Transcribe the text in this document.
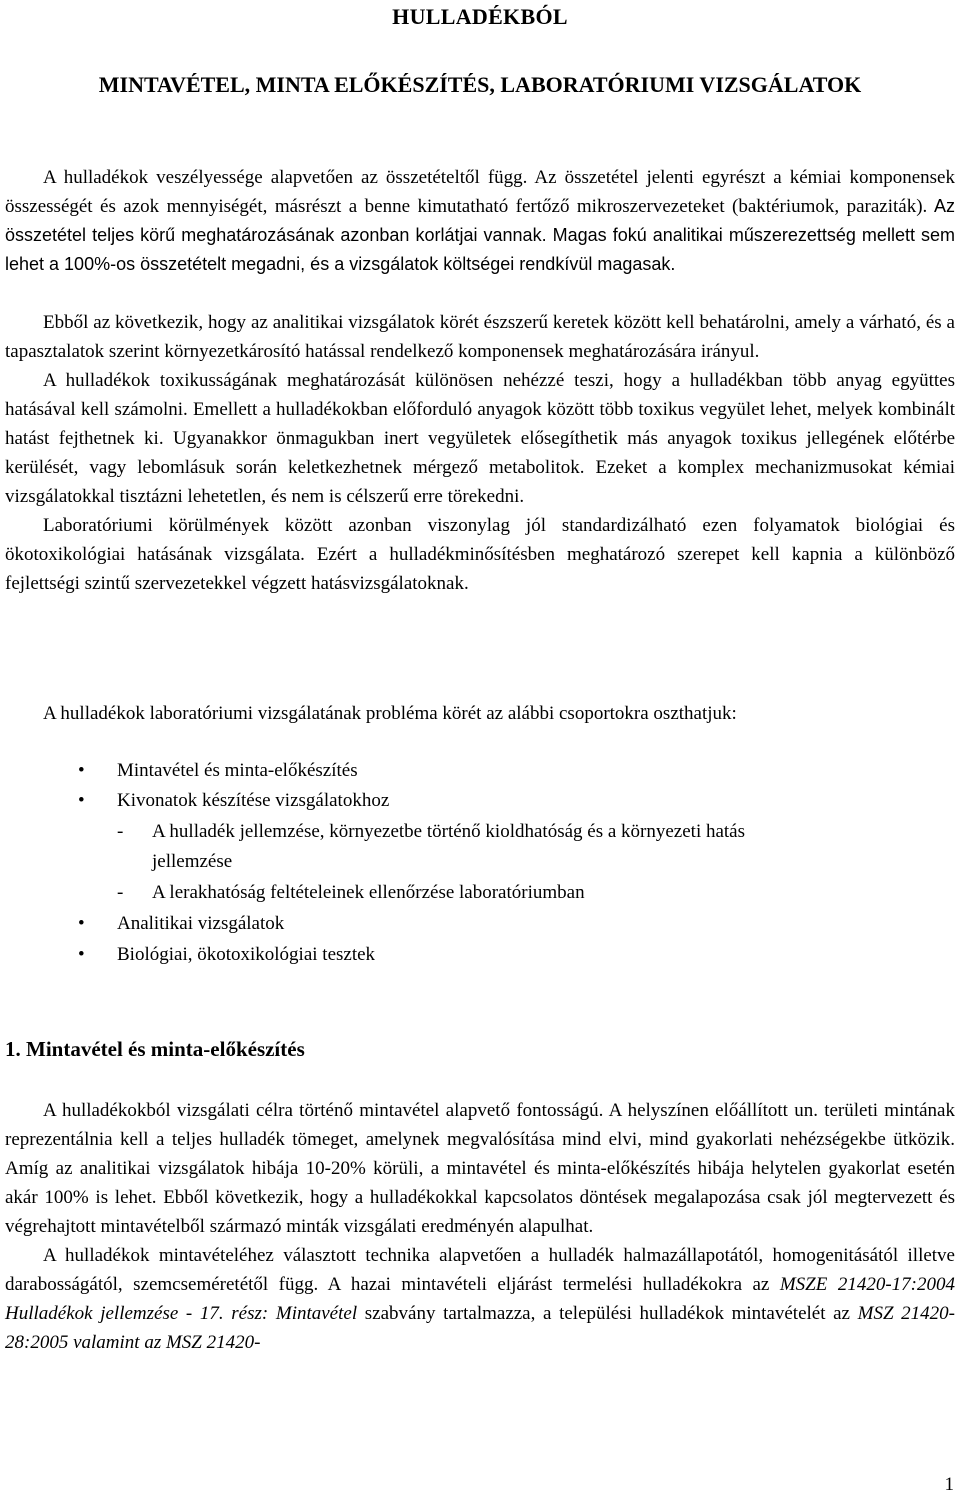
HULLADÉKBÓL
MINTAVÉTEL, MINTA ELŐKÉSZÍTÉS, LABORATÓRIUMI VIZSGÁLATOK

A hulladékok veszélyessége alapvetően az összetételtől függ. Az összetétel jelenti egyrészt a kémiai komponensek összességét és azok mennyiségét, másrészt a benne kimutatható fertőző mikroszervezeteket (baktériumok, paraziták). Az összetétel teljes körű meghatározásának azonban korlátjai vannak. Magas fokú analitikai műszerezettség mellett sem lehet a 100%-os összetételt megadni, és a vizsgálatok költségei rendkívül magasak.

Ebből az következik, hogy az analitikai vizsgálatok körét észszerű keretek között kell behatárolni, amely a várható, és a tapasztalatok szerint környezetkárosító hatással rendelkező komponensek meghatározására irányul.

A hulladékok toxikusságának meghatározását különösen nehézzé teszi, hogy a hulladékban több anyag együttes hatásával kell számolni. Emellett a hulladékokban előforduló anyagok között több toxikus vegyület lehet, melyek kombinált hatást fejthetnek ki. Ugyanakkor önmagukban inert vegyületek elősegíthetik más anyagok toxikus jellegének előtérbe kerülését, vagy lebomlásuk során keletkezhetnek mérgező metabolitok. Ezeket a komplex mechanizmusokat kémiai vizsgálatokkal tisztázni lehetetlen, és nem is célszerű erre törekedni.

Laboratóriumi körülmények között azonban viszonylag jól standardizálható ezen folyamatok biológiai és ökotoxikológiai hatásának vizsgálata. Ezért a hulladékminősítésben meghatározó szerepet kell kapnia a különböző fejlettségi szintű szervezetekkel végzett hatásvizsgálatoknak.

A hulladékok laboratóriumi vizsgálatának probléma körét az alábbi csoportokra oszthatjuk:
• Mintavétel és minta-előkészítés
• Kivonatok készítése vizsgálatokhoz
- A hulladék jellemzése, környezetbe történő kioldhatóság és a környezeti hatás
jellemzése
- A lerakhatóság feltételeinek ellenőrzése laboratóriumban
• Analitikai vizsgálatok
• Biológiai, ökotoxikológiai tesztek
1. Mintavétel és minta-előkészítés

A hulladékokból vizsgálati célra történő mintavétel alapvető fontosságú. A helyszínen előállított un. területi mintának reprezentálnia kell a teljes hulladék tömeget, amelynek megvalósítása mind elvi, mind gyakorlati nehézségekbe ütközik. Amíg az analitikai vizsgálatok hibája 10-20% körüli, a mintavétel és minta-előkészítés hibája helytelen gyakorlat esetén akár 100% is lehet. Ebből következik, hogy a hulladékokkal kapcsolatos döntések megalapozása csak jól megtervezett és végrehajtott mintavételből származó minták vizsgálati eredményén alapulhat.

A hulladékok mintavételéhez választott technika alapvetően a hulladék halmazállapotától, homogenitásától illetve darabosságától, szemcseméretétől függ. A hazai mintavételi eljárást termelési hulladékokra az MSZE 21420-17:2004 Hulladékok jellemzése - 17. rész: Mintavétel szabvány tartalmazza, a települési hulladékok mintavételét az MSZ 21420-28:2005 valamint az MSZ 21420-

1
